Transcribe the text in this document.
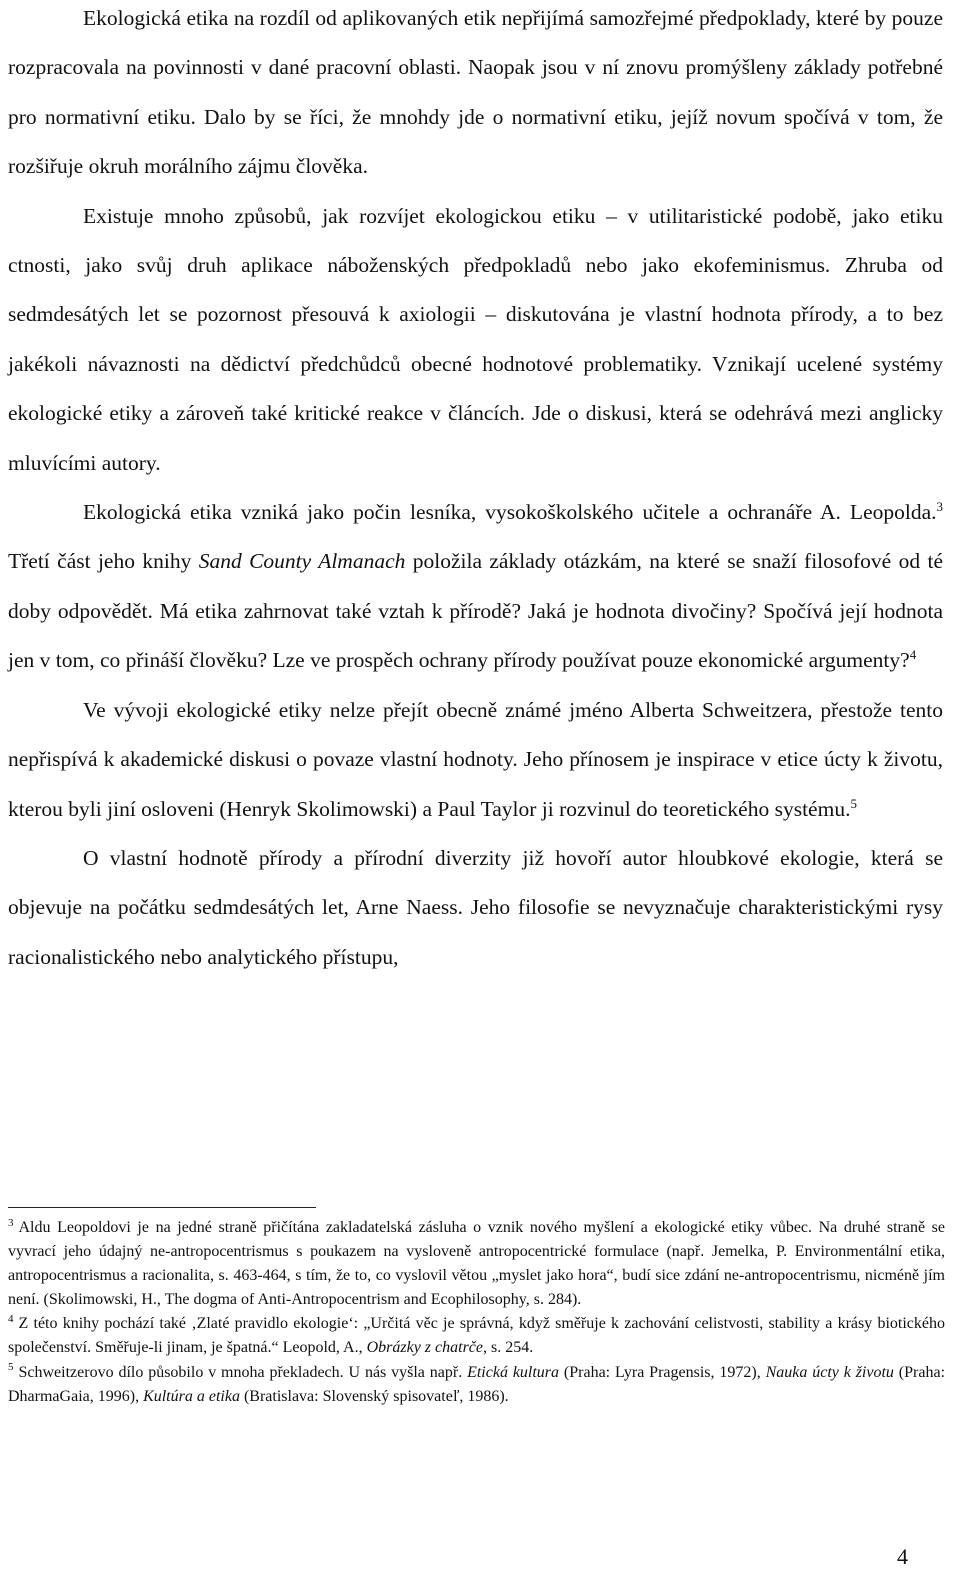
Ekologická etika na rozdíl od aplikovaných etik nepřijímá samozřejmé předpoklady, které by pouze rozpracovala na povinnosti v dané pracovní oblasti. Naopak jsou v ní znovu promýšleny základy potřebné pro normativní etiku. Dalo by se říci, že mnohdy jde o normativní etiku, jejíž novum spočívá v tom, že rozšiřuje okruh morálního zájmu člověka.

Existuje mnoho způsobů, jak rozvíjet ekologickou etiku – v utilitaristické podobě, jako etiku ctnosti, jako svůj druh aplikace náboženských předpokladů nebo jako ekofeminismus. Zhruba od sedmdesátých let se pozornost přesouvá k axiologii – diskutována je vlastní hodnota přírody, a to bez jakékoli návaznosti na dědictví předchůdců obecné hodnotové problematiky. Vznikají ucelené systémy ekologické etiky a zároveň také kritické reakce v článcích. Jde o diskusi, která se odehrává mezi anglicky mluvícími autory.

Ekologická etika vzniká jako počin lesníka, vysokoškolského učitele a ochranáře A. Leopolda.$^3$ Třetí část jeho knihy Sand County Almanach položila základy otázkám, na které se snaží filosofové od té doby odpovědět. Má etika zahrnovat také vztah k přírodě? Jaká je hodnota divočiny? Spočívá její hodnota jen v tom, co přináší člověku? Lze ve prospěch ochrany přírody používat pouze ekonomické argumenty?$^4$

Ve vývoji ekologické etiky nelze přejít obecně známé jméno Alberta Schweitzera, přestože tento nepřispívá k akademické diskusi o povaze vlastní hodnoty. Jeho přínosem je inspirace v etice úcty k životu, kterou byli jiní osloveni (Henryk Skolimowski) a Paul Taylor ji rozvinul do teoretického systému.$^5$

O vlastní hodnotě přírody a přírodní diverzity již hovoří autor hloubkové ekologie, která se objevuje na počátku sedmdesátých let, Arne Naess. Jeho filosofie se nevyznačuje charakteristickými rysy racionalistického nebo analytického přístupu,

$^3$ Aldu Leopoldovi je na jedné straně přičítána zakladatelská zásluha o vznik nového myšlení a ekologické etiky vůbec. Na druhé straně se vyvrací jeho údajný ne-antropocentrismus s poukazem na vysloveně antropocentrické formulace (např. Jemelka, P. Environmentální etika, antropocentrismus a racionalita, s. 463-464, s tím, že to, co vyslovil větou „myslet jako hora“, budí sice zdání ne-antropocentrismu, nicméně jím není. (Skolimowski, H., The dogma of Anti-Antropocentrism and Ecophilosophy, s. 284).

$^4$ Z této knihy pochází také ‚Zlaté pravidlo ekologie‘: „Určitá věc je správná, když směřuje k zachování celistvosti, stability a krásy biotického společenství. Směřuje-li jinam, je špatná.“ Leopold, A., Obrázky z chatrče, s. 254.

$^5$ Schweitzerovo dílo působilo v mnoha překladech. U nás vyšla např. Etická kultura (Praha: Lyra Pragensis, 1972), Nauka úcty k životu (Praha: DharmaGaia, 1996), Kultúra a etika (Bratislava: Slovenský spisovateľ, 1986).

4
